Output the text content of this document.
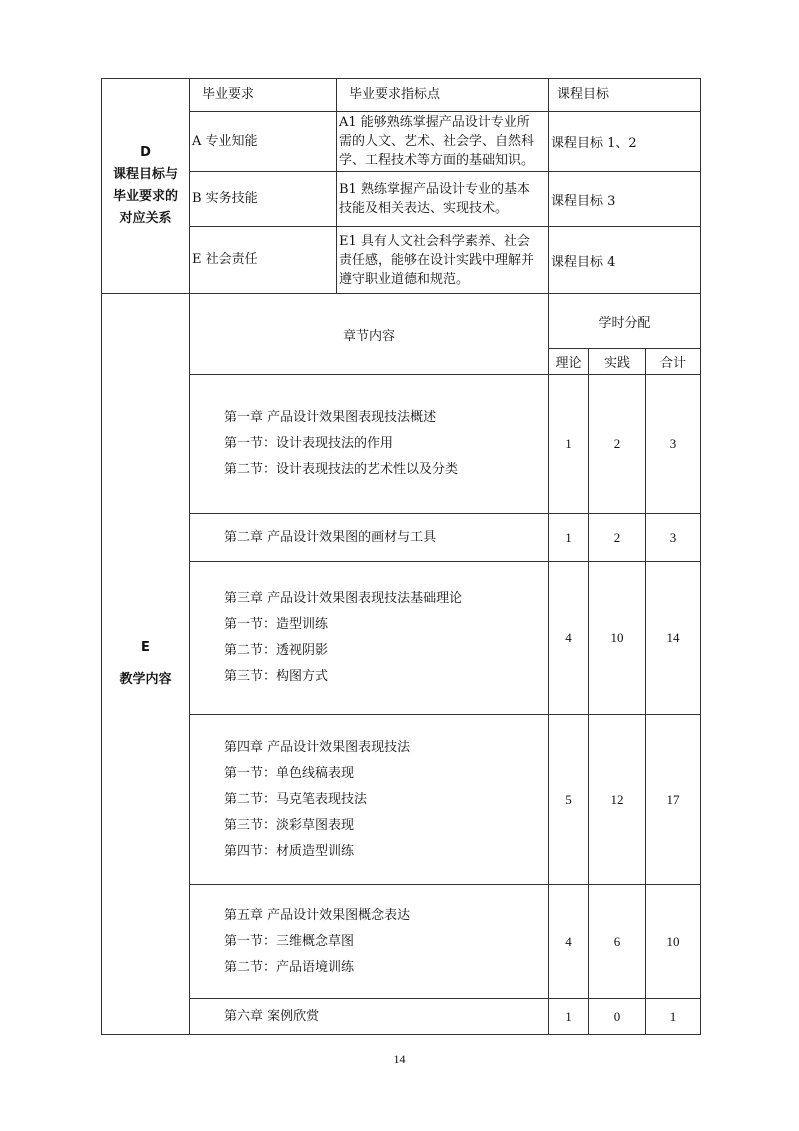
D
课程目标与
毕业要求的
对应关系	毕业要求	毕业要求指标点	课程目标		
	A 专业知能	A1 能够熟练掌握产品设计专业所
需的人文、艺术、社会学、自然科
学、工程技术等方面的基础知识。	课程目标 1、2		
	B 实务技能	B1 熟练掌握产品设计专业的基本
技能及相关表达、实现技术。	课程目标 3		
	E 社会责任	E1 具有人文社会科学素养、社会
责任感，能够在设计实践中理解并
遵守职业道德和规范。	课程目标 4		

E
教学内容	章节内容		学时分配		
			理论	实践	合计

	第一章 产品设计效果图表现技法概述
第一节：设计表现技法的作用
第二节：设计表现技法的艺术性以及分类		1	2	3

	第二章 产品设计效果图的画材与工具		1	2	3

	第三章 产品设计效果图表现技法基础理论
第一节：造型训练
第二节：透视阴影
第三节：构图方式		4	10	14

	第四章 产品设计效果图表现技法
第一节：单色线稿表现
第二节：马克笔表现技法
第三节：淡彩草图表现
第四节：材质造型训练		5	12	17

	第五章 产品设计效果图概念表达
第一节：三维概念草图
第二节：产品语境训练		4	6	10

	第六章 案例欣赏		1	0	1
14
